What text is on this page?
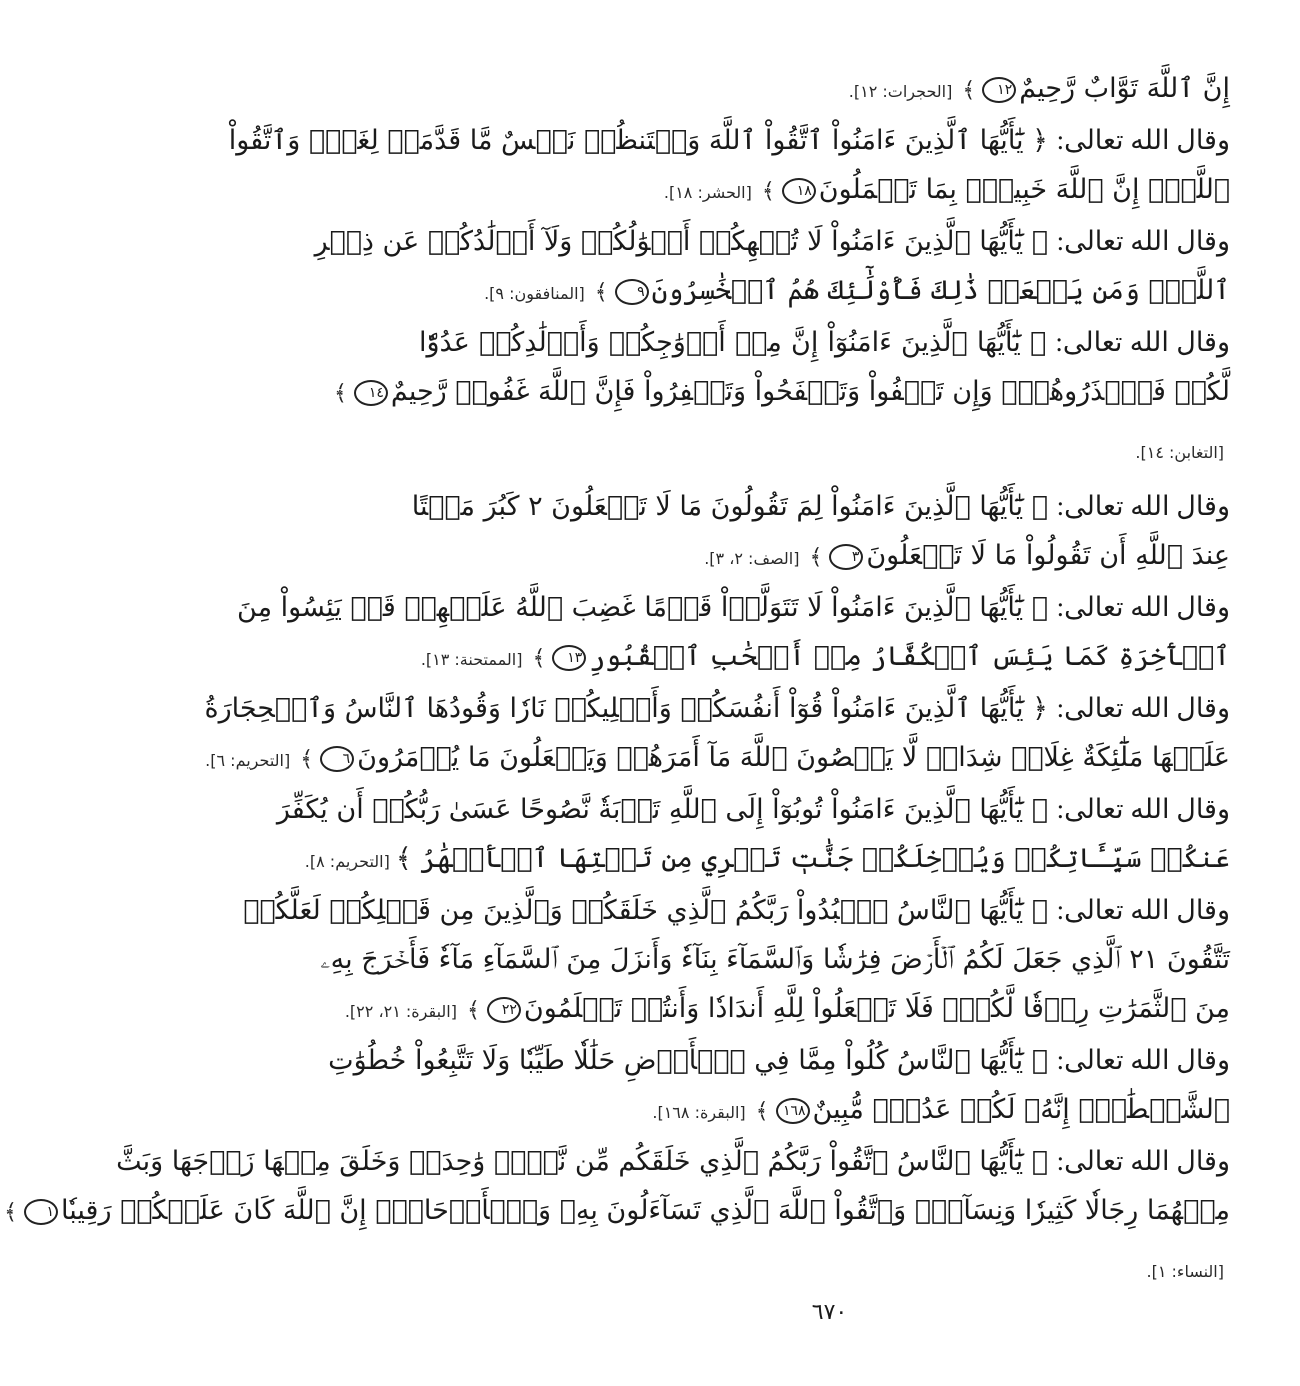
إِنَّ ٱللَّهَ تَوَّابٌ رَّحِيمٌ١٢﴾[الحجرات: ١٢].
وقال الله تعالى: ﴿ يَٰٓأَيُّهَا ٱلَّذِينَ ءَامَنُواْ ٱتَّقُواْ ٱللَّهَ وَلۡتَنظُرۡ نَفۡسٌ مَّا قَدَّمَتۡ لِغَدٍۖ وَٱتَّقُواْ
ٱللَّهَۚ إِنَّ ٱللَّهَ خَبِيرُۢ بِمَا تَعۡمَلُونَ١٨﴾[الحشر: ١٨].
وقال الله تعالى: ﴿ يَٰٓأَيُّهَا ٱلَّذِينَ ءَامَنُواْ لَا تُلۡهِكُمۡ أَمۡوَٰلُكُمۡ وَلَآ أَوۡلَٰدُكُمۡ عَن ذِكۡرِ
ٱللَّهِۚ وَمَن يَفۡعَلۡ ذَٰلِكَ فَأُوْلَٰٓئِكَ هُمُ ٱلۡخَٰسِرُونَ٩﴾[المنافقون: ٩].
وقال الله تعالى: ﴿ يَٰٓأَيُّهَا ٱلَّذِينَ ءَامَنُوٓاْ إِنَّ مِنۡ أَزۡوَٰجِكُمۡ وَأَوۡلَٰدِكُمۡ عَدُوّٗا
لَّكُمۡ فَٱحۡذَرُوهُمۡۚ وَإِن تَعۡفُواْ وَتَصۡفَحُواْ وَتَغۡفِرُواْ فَإِنَّ ٱللَّهَ غَفُورٞ رَّحِيمٌ١٤﴾
[التغابن: ١٤].
وقال الله تعالى: ﴿ يَٰٓأَيُّهَا ٱلَّذِينَ ءَامَنُواْ لِمَ تَقُولُونَ مَا لَا تَفۡعَلُونَ ٢ كَبُرَ مَقۡتًا
عِندَ ٱللَّهِ أَن تَقُولُواْ مَا لَا تَفۡعَلُونَ٣﴾[الصف: ٢، ٣].
وقال الله تعالى: ﴿ يَٰٓأَيُّهَا ٱلَّذِينَ ءَامَنُواْ لَا تَتَوَلَّوۡاْ قَوۡمًا غَضِبَ ٱللَّهُ عَلَيۡهِمۡ قَدۡ يَئِسُواْ مِنَ
ٱلۡأٓخِرَةِ كَمَا يَئِسَ ٱلۡكُفَّارُ مِنۡ أَصۡحَٰبِ ٱلۡقُبُورِ١٣﴾[الممتحنة: ١٣].
وقال الله تعالى: ﴿ يَٰٓأَيُّهَا ٱلَّذِينَ ءَامَنُواْ قُوٓاْ أَنفُسَكُمۡ وَأَهۡلِيكُمۡ نَارٗا وَقُودُهَا ٱلنَّاسُ وَٱلۡحِجَارَةُ
عَلَيۡهَا مَلَٰٓئِكَةٌ غِلَاظٞ شِدَادٞ لَّا يَعۡصُونَ ٱللَّهَ مَآ أَمَرَهُمۡ وَيَفۡعَلُونَ مَا يُؤۡمَرُونَ٦﴾[التحريم: ٦].
وقال الله تعالى: ﴿ يَٰٓأَيُّهَا ٱلَّذِينَ ءَامَنُواْ تُوبُوٓاْ إِلَى ٱللَّهِ تَوۡبَةٗ نَّصُوحًا عَسَىٰ رَبُّكُمۡ أَن يُكَفِّرَ
عَنكُمۡ سَيِّـَٔاتِكُمۡ وَيُدۡخِلَكُمۡ جَنَّٰتٖ تَجۡرِي مِن تَحۡتِهَا ٱلۡأَنۡهَٰرُ ﴾[التحريم: ٨].
وقال الله تعالى: ﴿ يَٰٓأَيُّهَا ٱلنَّاسُ ٱعۡبُدُواْ رَبَّكُمُ ٱلَّذِي خَلَقَكُمۡ وَٱلَّذِينَ مِن قَبۡلِكُمۡ لَعَلَّكُمۡ
تَتَّقُونَ ٢١ ٱلَّذِي جَعَلَ لَكُمُ ٱلۡأَرۡضَ فِرَٰشٗا وَٱلسَّمَآءَ بِنَآءٗ وَأَنزَلَ مِنَ ٱلسَّمَآءِ مَآءٗ فَأَخۡرَجَ بِهِۦ
مِنَ ٱلثَّمَرَٰتِ رِزۡقٗا لَّكُمۡۖ فَلَا تَجۡعَلُواْ لِلَّهِ أَندَادٗا وَأَنتُمۡ تَعۡلَمُونَ٢٢﴾[البقرة: ٢١، ٢٢].
وقال الله تعالى: ﴿ يَٰٓأَيُّهَا ٱلنَّاسُ كُلُواْ مِمَّا فِي ٱلۡأَرۡضِ حَلَٰلٗا طَيِّبٗا وَلَا تَتَّبِعُواْ خُطُوَٰتِ
ٱلشَّيۡطَٰنِۚ إِنَّهُۥ لَكُمۡ عَدُوّٞ مُّبِينٌ١٦٨﴾[البقرة: ١٦٨].
وقال الله تعالى: ﴿ يَٰٓأَيُّهَا ٱلنَّاسُ ٱتَّقُواْ رَبَّكُمُ ٱلَّذِي خَلَقَكُم مِّن نَّفۡسٖ وَٰحِدَةٖ وَخَلَقَ مِنۡهَا زَوۡجَهَا وَبَثَّ
مِنۡهُمَا رِجَالٗا كَثِيرٗا وَنِسَآءٗۚ وَٱتَّقُواْ ٱللَّهَ ٱلَّذِي تَسَآءَلُونَ بِهِۦ وَٱلۡأَرۡحَامَۚ إِنَّ ٱللَّهَ كَانَ عَلَيۡكُمۡ رَقِيبٗا١﴾
[النساء: ١].
٦٧٠
